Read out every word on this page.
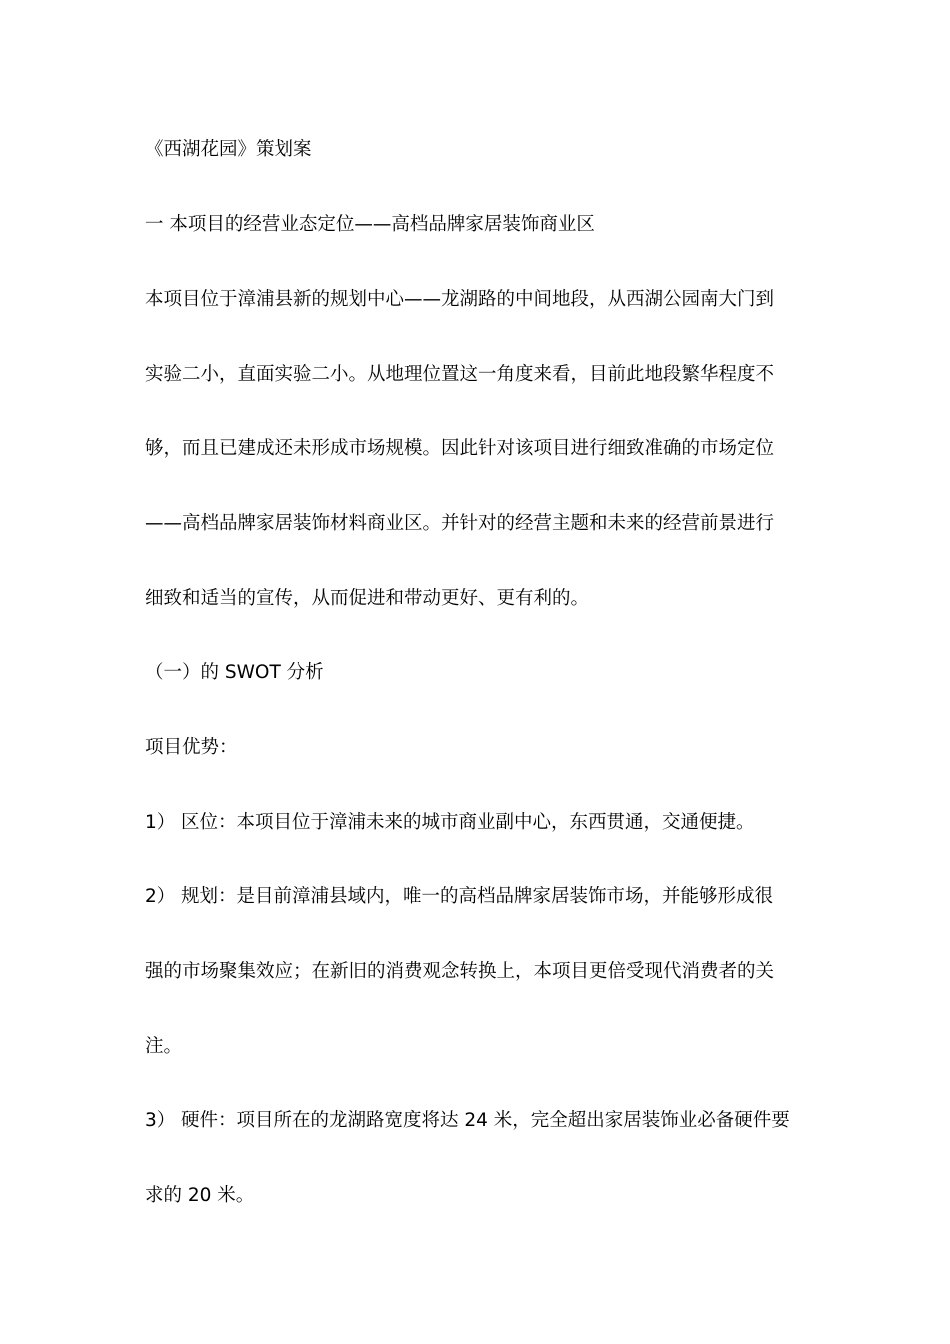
《西湖花园》策划案
一 本项目的经营业态定位——高档品牌家居装饰商业区
本项目位于漳浦县新的规划中心——龙湖路的中间地段，从西湖公园南大门到
实验二小，直面实验二小。从地理位置这一角度来看，目前此地段繁华程度不
够，而且已建成还未形成市场规模。因此针对该项目进行细致准确的市场定位
——高档品牌家居装饰材料商业区。并针对的经营主题和未来的经营前景进行
细致和适当的宣传，从而促进和带动更好、更有利的。
（一）的 SWOT 分析
项目优势：
1） 区位：本项目位于漳浦未来的城市商业副中心，东西贯通，交通便捷。
2） 规划：是目前漳浦县域内，唯一的高档品牌家居装饰市场，并能够形成很
强的市场聚集效应；在新旧的消费观念转换上，本项目更倍受现代消费者的关
注。
3） 硬件：项目所在的龙湖路宽度将达 24 米，完全超出家居装饰业必备硬件要
求的 20 米。
